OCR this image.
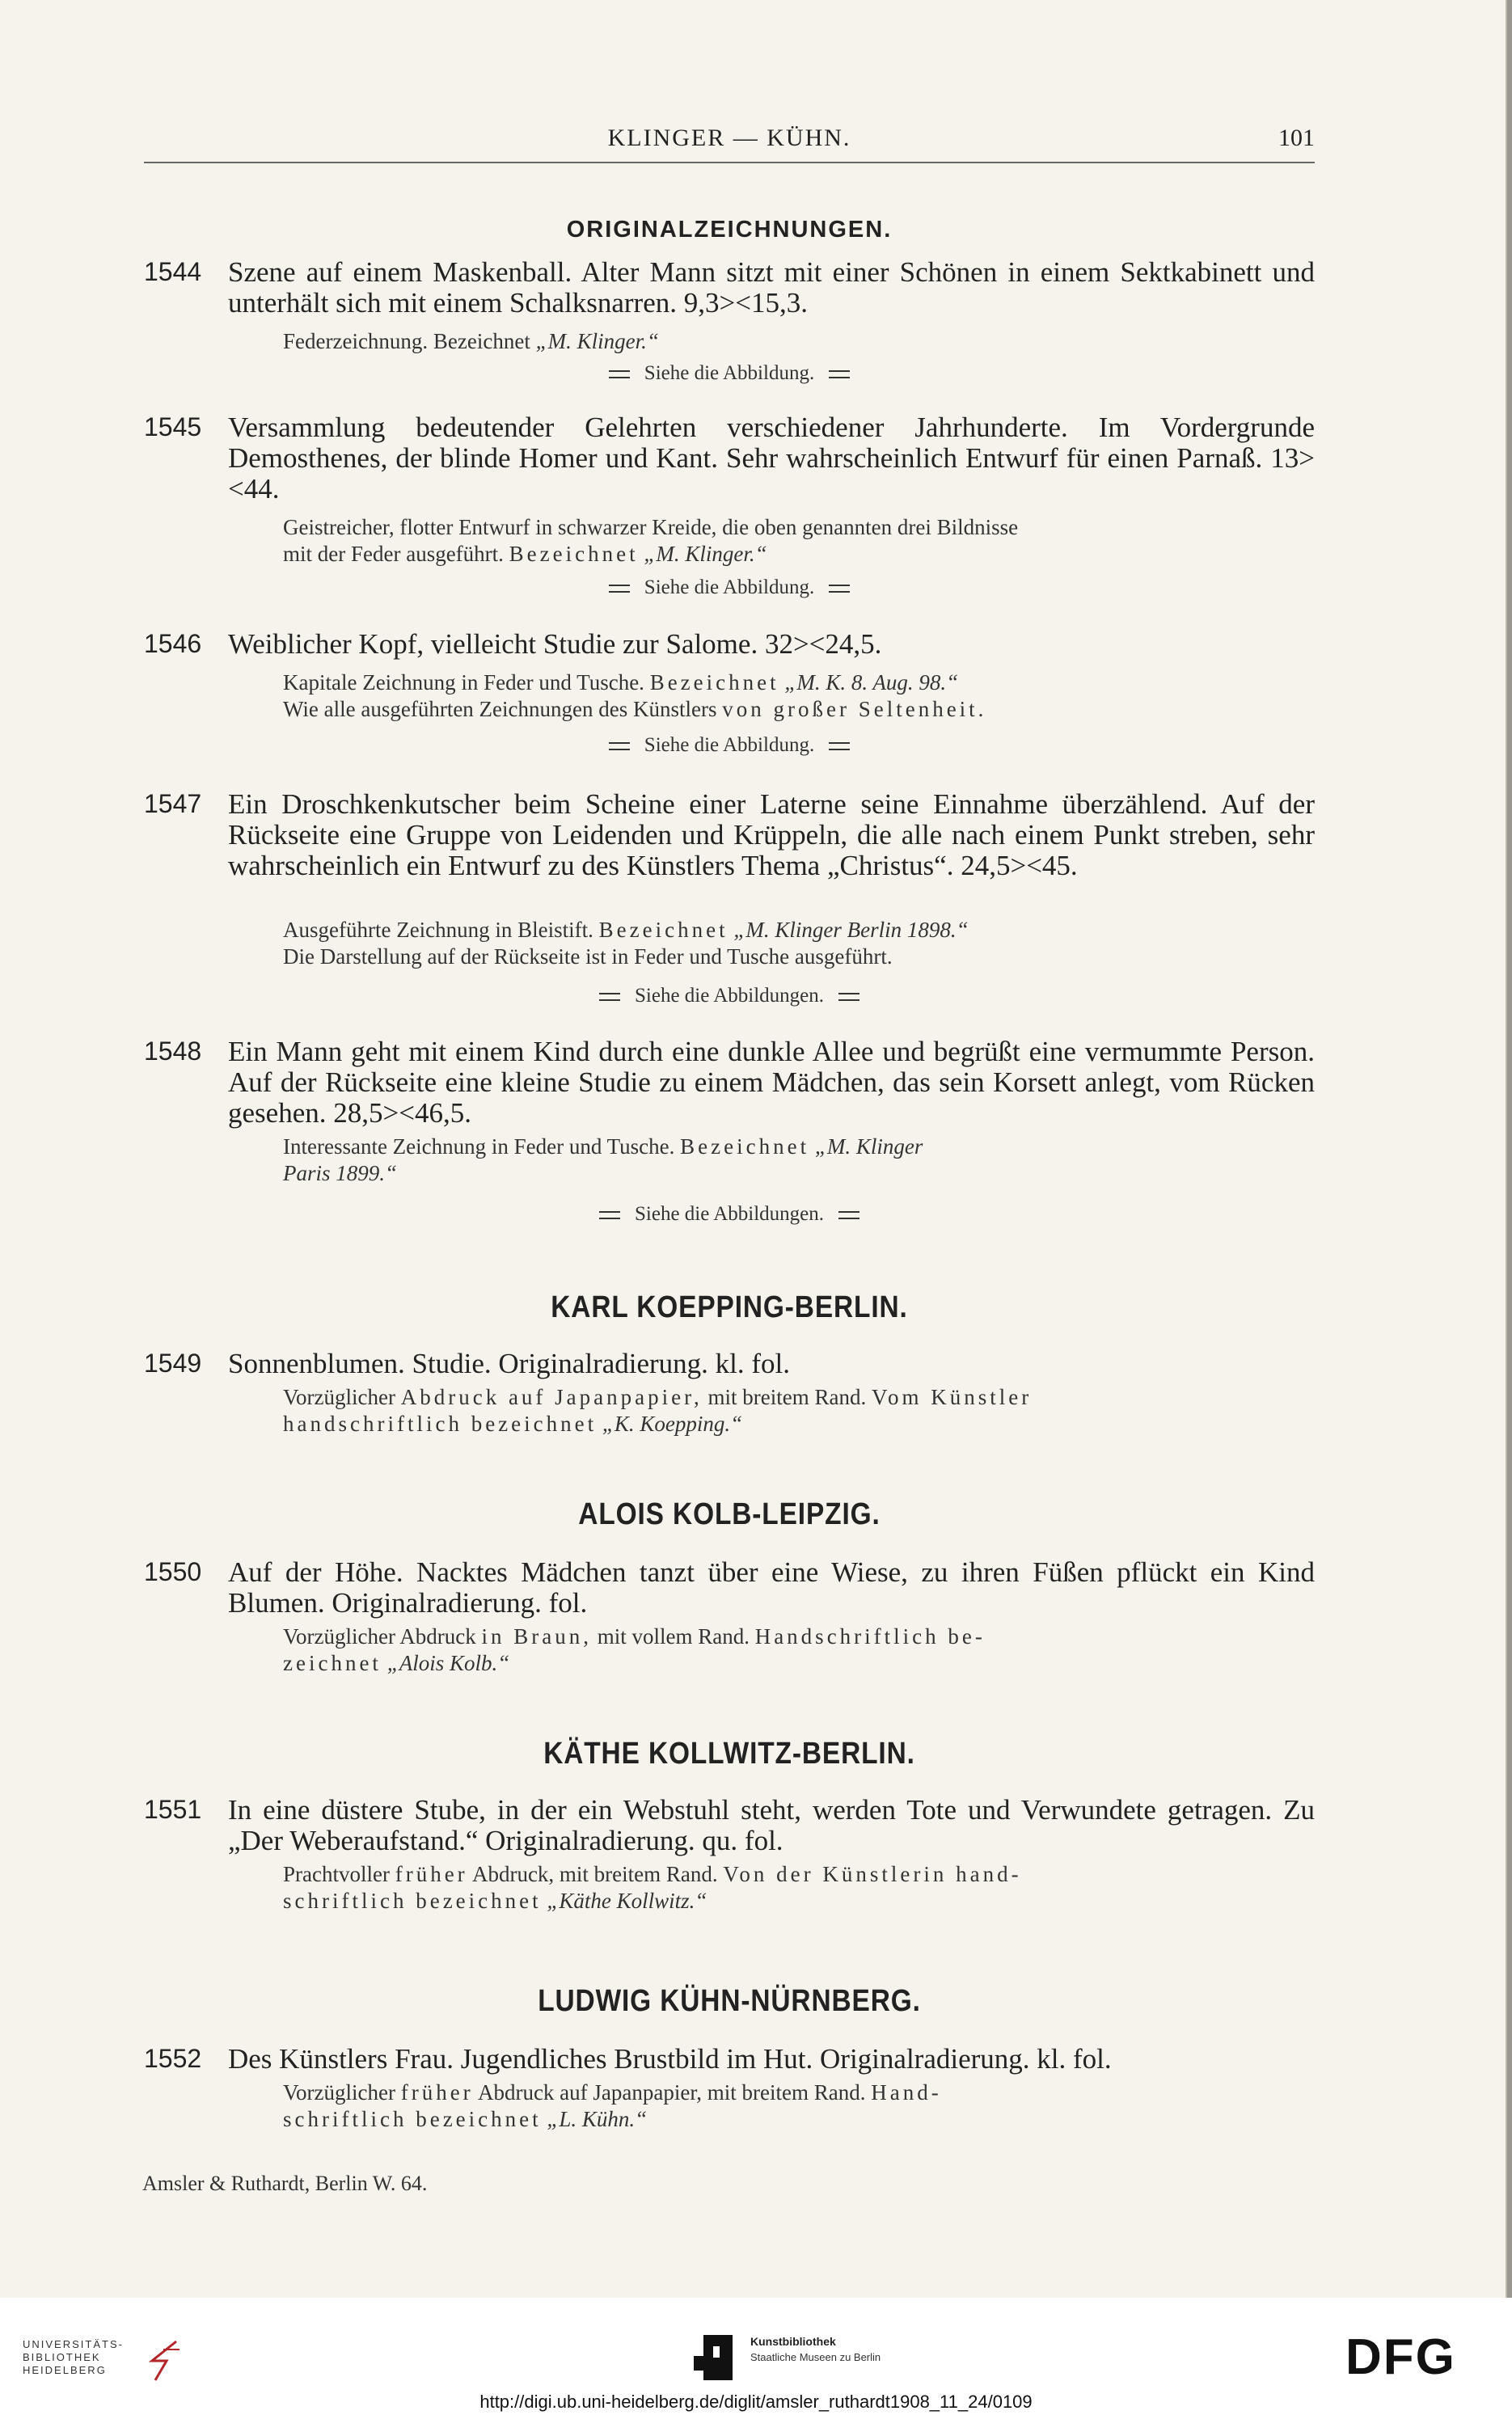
KLINGER — KÜHN.	101
ORIGINALZEICHNUNGEN.
1544 Szene auf einem Maskenball. Alter Mann sitzt mit einer Schönen in einem Sektkabinett und unterhält sich mit einem Schalksnarren. 9,3><15,3.
Federzeichnung. Bezeichnet „M. Klinger.“
Siehe die Abbildung.
1545 Versammlung bedeutender Gelehrten verschiedener Jahrhunderte. Im Vordergrunde Demosthenes, der blinde Homer und Kant. Sehr wahrscheinlich Entwurf für einen Parnaß. 13><44.
Geistreicher, flotter Entwurf in schwarzer Kreide, die oben genannten drei Bildnisse
mit der Feder ausgeführt. Bezeichnet „M. Klinger.“
Siehe die Abbildung.
1546 Weiblicher Kopf, vielleicht Studie zur Salome. 32><24,5.
Kapitale Zeichnung in Feder und Tusche. Bezeichnet „M. K. 8. Aug. 98.“
Wie alle ausgeführten Zeichnungen des Künstlers von großer Seltenheit.
Siehe die Abbildung.
1547 Ein Droschkenkutscher beim Scheine einer Laterne seine Einnahme überzählend. Auf der Rückseite eine Gruppe von Leidenden und Krüppeln, die alle nach einem Punkt streben, sehr wahrscheinlich ein Entwurf zu des Künstlers Thema „Christus“. 24,5><45.
Ausgeführte Zeichnung in Bleistift. Bezeichnet „M. Klinger Berlin 1898.“
Die Darstellung auf der Rückseite ist in Feder und Tusche ausgeführt.
Siehe die Abbildungen.
1548 Ein Mann geht mit einem Kind durch eine dunkle Allee und begrüßt eine vermummte Person. Auf der Rückseite eine kleine Studie zu einem Mädchen, das sein Korsett anlegt, vom Rücken gesehen. 28,5><46,5.
Interessante Zeichnung in Feder und Tusche. Bezeichnet „M. Klinger
Paris 1899.“
Siehe die Abbildungen.
KARL KOEPPING-BERLIN.
1549 Sonnenblumen. Studie. Originalradierung. kl. fol.
Vorzüglicher Abdruck auf Japanpapier, mit breitem Rand. Vom Künstler
handschriftlich bezeichnet „K. Koepping.“
ALOIS KOLB-LEIPZIG.
1550 Auf der Höhe. Nacktes Mädchen tanzt über eine Wiese, zu ihren Füßen pflückt ein Kind Blumen. Originalradierung. fol.
Vorzüglicher Abdruck in Braun, mit vollem Rand. Handschriftlich be-
zeichnet „Alois Kolb.“
KÄTHE KOLLWITZ-BERLIN.
1551 In eine düstere Stube, in der ein Webstuhl steht, werden Tote und Verwundete getragen. Zu „Der Weberaufstand.“ Originalradierung. qu. fol.
Prachtvoller früher Abdruck, mit breitem Rand. Von der Künstlerin hand-
schriftlich bezeichnet „Käthe Kollwitz.“
LUDWIG KÜHN-NÜRNBERG.
1552 Des Künstlers Frau. Jugendliches Brustbild im Hut. Originalradierung. kl. fol.
Vorzüglicher früher Abdruck auf Japanpapier, mit breitem Rand. Hand-
schriftlich bezeichnet „L. Kühn.“
Amsler & Ruthardt, Berlin W. 64.
UNIVERSITÄTS-
BIBLIOTHEK
HEIDELBERG
Kunstbibliothek
Staatliche Museen zu Berlin	DFG
http://digi.ub.uni-heidelberg.de/diglit/amsler_ruthardt1908_11_24/0109
